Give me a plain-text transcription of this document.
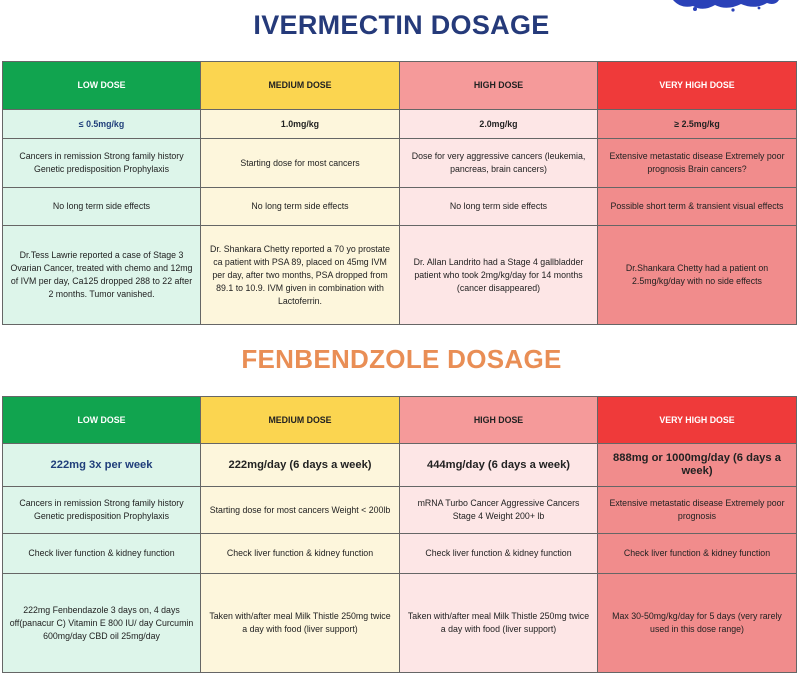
IVERMECTIN DOSAGE
LOW DOSE	MEDIUM DOSE	HIGH DOSE	VERY HIGH DOSE
≤ 0.5mg/kg	1.0mg/kg	2.0mg/kg	≥ 2.5mg/kg
Cancers in remission Strong family history Genetic predisposition Prophylaxis	Starting dose for most cancers	Dose for very aggressive cancers (leukemia, pancreas, brain cancers)	Extensive metastatic disease Extremely poor prognosis Brain cancers?
No long term side effects	No long term side effects	No long term side effects	Possible short term & transient visual effects
Dr.Tess Lawrie reported a case of Stage 3 Ovarian Cancer, treated with chemo and 12mg of IVM per day, Ca125 dropped 288 to 22 after 2 months. Tumor vanished.	Dr. Shankara Chetty reported a 70 yo prostate ca patient with PSA 89, placed on 45mg IVM per day, after two months, PSA dropped from 89.1 to 10.9. IVM given in combination with Lactoferrin.	Dr. Allan Landrito had a Stage 4 gallbladder patient who took 2mg/kg/day for 14 months (cancer disappeared)	Dr.Shankara Chetty had a patient on 2.5mg/kg/day with no side effects
FENBENDZOLE DOSAGE
LOW DOSE	MEDIUM DOSE	HIGH DOSE	VERY HIGH DOSE
222mg 3x per week	222mg/day (6 days a week)	444mg/day (6 days a week)	888mg or 1000mg/day (6 days a week)
Cancers in remission Strong family history Genetic predisposition Prophylaxis	Starting dose for most cancers Weight < 200lb	mRNA Turbo Cancer Aggressive Cancers Stage 4 Weight 200+ lb	Extensive metastatic disease Extremely poor prognosis
Check liver function & kidney function	Check liver function & kidney function	Check liver function & kidney function	Check liver function & kidney function
222mg Fenbendazole 3 days on, 4 days off(panacur C) Vitamin E 800 IU/ day Curcumin 600mg/day CBD oil 25mg/day	Taken with/after meal Milk Thistle 250mg twice a day with food (liver support)	Taken with/after meal Milk Thistle 250mg twice a day with food (liver support)	Max 30-50mg/kg/day for 5 days (very rarely used in this dose range)
